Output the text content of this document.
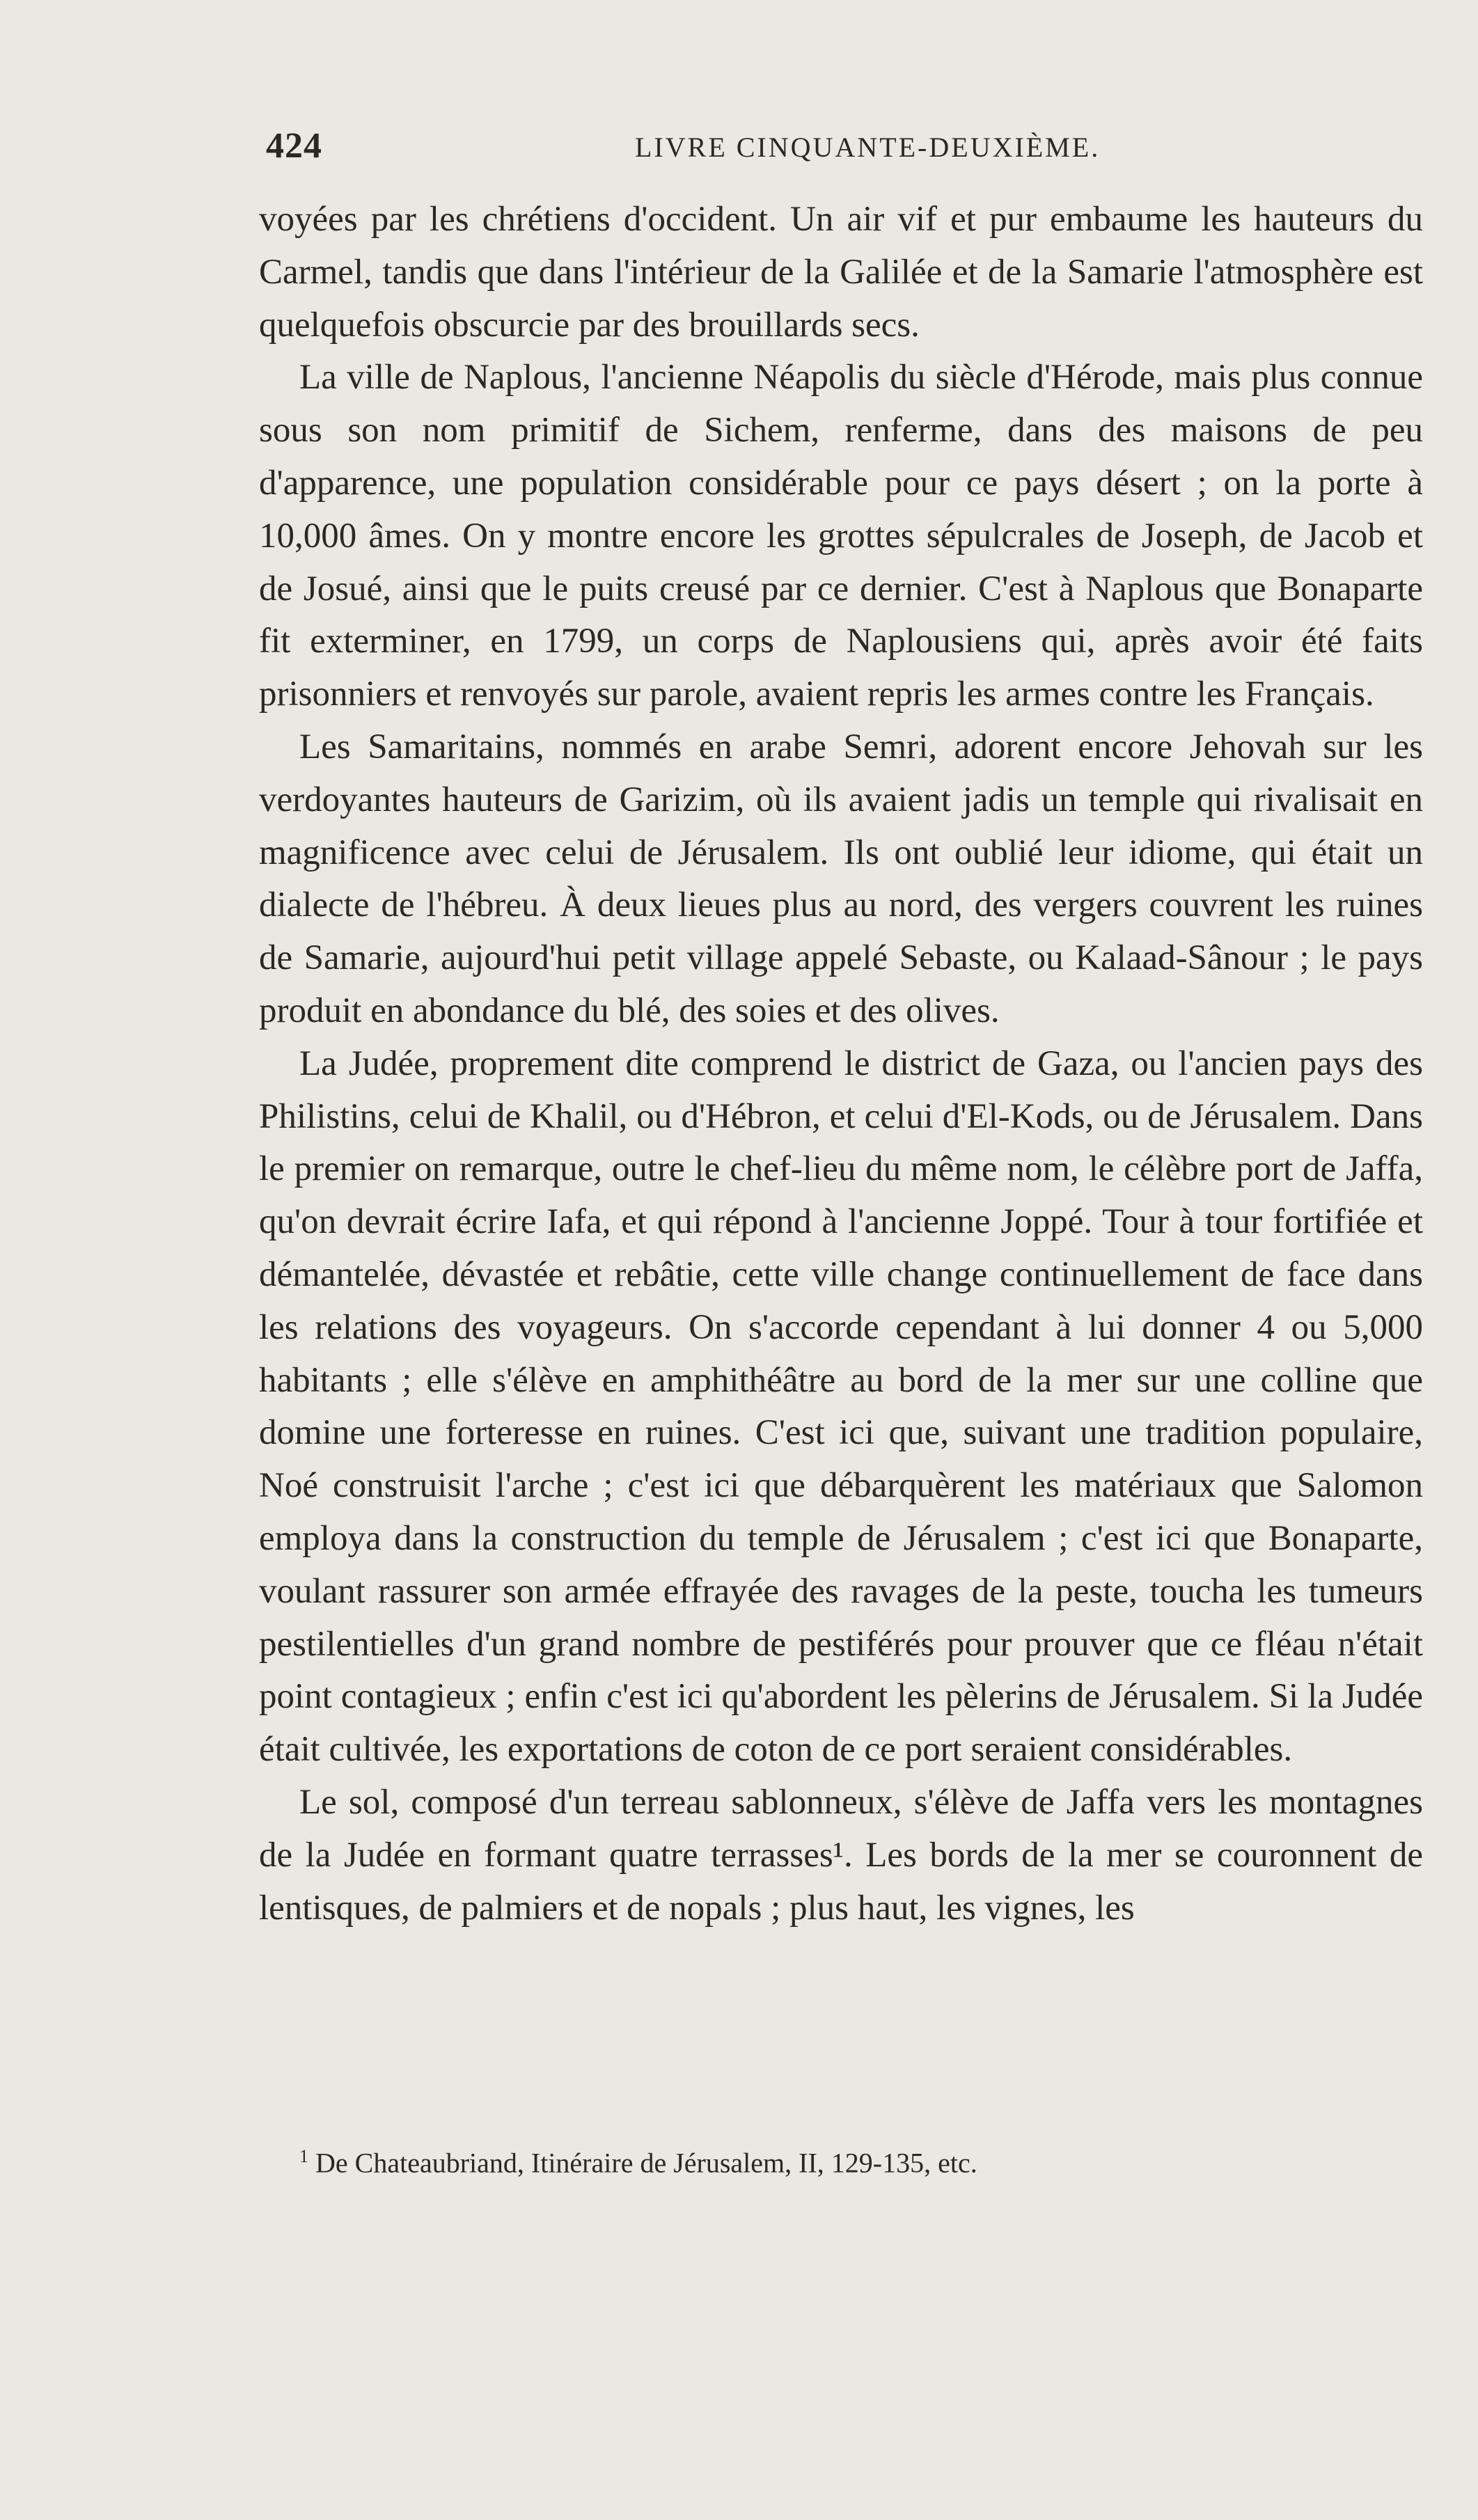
424	LIVRE CINQUANTE-DEUXIÈME.

voyées par les chrétiens d'occident. Un air vif et pur embaume les hauteurs du Carmel, tandis que dans l'intérieur de la Galilée et de la Samarie l'atmosphère est quelquefois obscurcie par des brouillards secs.

La ville de Naplous, l'ancienne Néapolis du siècle d'Hérode, mais plus connue sous son nom primitif de Sichem, renferme, dans des maisons de peu d'apparence, une population considérable pour ce pays désert ; on la porte à 10,000 âmes. On y montre encore les grottes sépulcrales de Joseph, de Jacob et de Josué, ainsi que le puits creusé par ce dernier. C'est à Naplous que Bonaparte fit exterminer, en 1799, un corps de Naplousiens qui, après avoir été faits prisonniers et renvoyés sur parole, avaient repris les armes contre les Français.

Les Samaritains, nommés en arabe Semri, adorent encore Jehovah sur les verdoyantes hauteurs de Garizim, où ils avaient jadis un temple qui rivalisait en magnificence avec celui de Jérusalem. Ils ont oublié leur idiome, qui était un dialecte de l'hébreu. À deux lieues plus au nord, des vergers couvrent les ruines de Samarie, aujourd'hui petit village appelé Sebaste, ou Kalaad-Sânour ; le pays produit en abondance du blé, des soies et des olives.

La Judée, proprement dite comprend le district de Gaza, ou l'ancien pays des Philistins, celui de Khalil, ou d'Hébron, et celui d'El-Kods, ou de Jérusalem. Dans le premier on remarque, outre le chef-lieu du même nom, le célèbre port de Jaffa, qu'on devrait écrire Iafa, et qui répond à l'ancienne Joppé. Tour à tour fortifiée et démantelée, dévastée et rebâtie, cette ville change continuellement de face dans les relations des voyageurs. On s'accorde cependant à lui donner 4 ou 5,000 habitants ; elle s'élève en amphithéâtre au bord de la mer sur une colline que domine une forteresse en ruines. C'est ici que, suivant une tradition populaire, Noé construisit l'arche ; c'est ici que débarquèrent les matériaux que Salomon employa dans la construction du temple de Jérusalem ; c'est ici que Bonaparte, voulant rassurer son armée effrayée des ravages de la peste, toucha les tumeurs pestilentielles d'un grand nombre de pestiférés pour prouver que ce fléau n'était point contagieux ; enfin c'est ici qu'abordent les pèlerins de Jérusalem. Si la Judée était cultivée, les exportations de coton de ce port seraient considérables.

Le sol, composé d'un terreau sablonneux, s'élève de Jaffa vers les montagnes de la Judée en formant quatre terrasses¹. Les bords de la mer se couronnent de lentisques, de palmiers et de nopals ; plus haut, les vignes, les

$^1$ De Chateaubriand, Itinéraire de Jérusalem, II, 129-135, etc.
